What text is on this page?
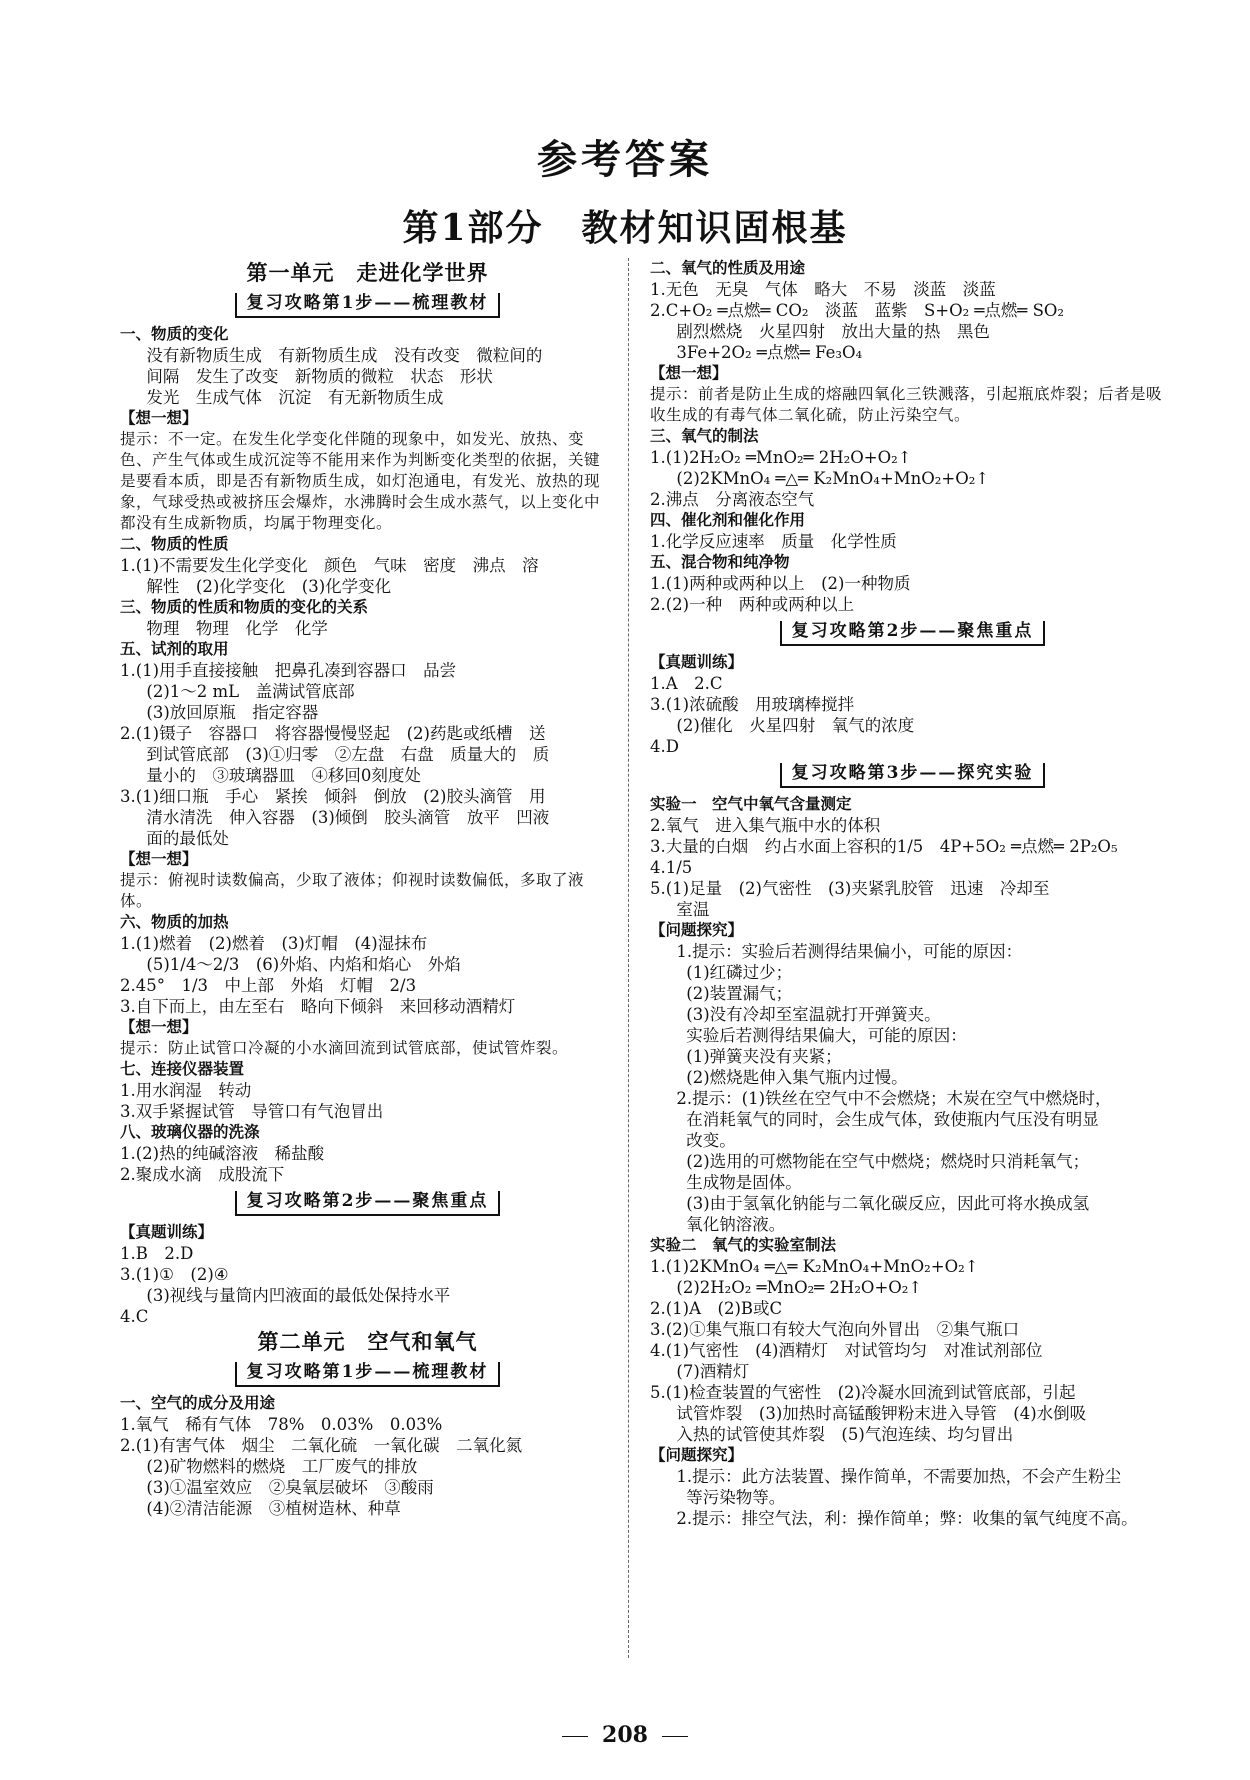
参考答案
第1部分　教材知识固根基
第一单元　走进化学世界
复习攻略第1步——梳理教材
一、物质的变化
没有新物质生成　有新物质生成　没有改变　微粒间的
间隔　发生了改变　新物质的微粒　状态　形状
发光　生成气体　沉淀　有无新物质生成
【想一想】
提示：不一定。在发生化学变化伴随的现象中，如发光、放热、变色、产生气体或生成沉淀等不能用来作为判断变化类型的依据，关键是要看本质，即是否有新物质生成，如灯泡通电，有发光、放热的现象，气球受热或被挤压会爆炸，水沸腾时会生成水蒸气，以上变化中都没有生成新物质，均属于物理变化。
二、物质的性质
1.(1)不需要发生化学变化　颜色　气味　密度　沸点　溶
解性　(2)化学变化　(3)化学变化
三、物质的性质和物质的变化的关系
物理　物理　化学　化学
五、试剂的取用
1.(1)用手直接接触　把鼻孔凑到容器口　品尝
(2)1～2 mL　盖满试管底部
(3)放回原瓶　指定容器
2.(1)镊子　容器口　将容器慢慢竖起　(2)药匙或纸槽　送
到试管底部　(3)①归零　②左盘　右盘　质量大的　质
量小的　③玻璃器皿　④移回0刻度处
3.(1)细口瓶　手心　紧挨　倾斜　倒放　(2)胶头滴管　用
清水清洗　伸入容器　(3)倾倒　胶头滴管　放平　凹液
面的最低处
【想一想】
提示：俯视时读数偏高，少取了液体；仰视时读数偏低，多取了液体。
六、物质的加热
1.(1)燃着　(2)燃着　(3)灯帽　(4)湿抹布
(5)1/4～2/3　(6)外焰、内焰和焰心　外焰
2.45°　1/3　中上部　外焰　灯帽　2/3
3.自下而上，由左至右　略向下倾斜　来回移动酒精灯
【想一想】
提示：防止试管口冷凝的小水滴回流到试管底部，使试管炸裂。
七、连接仪器装置
1.用水润湿　转动
3.双手紧握试管　导管口有气泡冒出
八、玻璃仪器的洗涤
1.(2)热的纯碱溶液　稀盐酸
2.聚成水滴　成股流下
复习攻略第2步——聚焦重点
【真题训练】
1.B　2.D
3.(1)①　(2)④
(3)视线与量筒内凹液面的最低处保持水平
4.C
第二单元　空气和氧气
复习攻略第1步——梳理教材
一、空气的成分及用途
1.氧气　稀有气体　78%　0.03%　0.03%
2.(1)有害气体　烟尘　二氧化硫　一氧化碳　二氧化氮
(2)矿物燃料的燃烧　工厂废气的排放
(3)①温室效应　②臭氧层破坏　③酸雨
(4)②清洁能源　③植树造林、种草
二、氧气的性质及用途
1.无色　无臭　气体　略大　不易　淡蓝　淡蓝
2.C+O₂ ═点燃═ CO₂　淡蓝　蓝紫　S+O₂ ═点燃═ SO₂
剧烈燃烧　火星四射　放出大量的热　黑色
3Fe+2O₂ ═点燃═ Fe₃O₄
【想一想】
提示：前者是防止生成的熔融四氧化三铁溅落，引起瓶底炸裂；后者是吸收生成的有毒气体二氧化硫，防止污染空气。
三、氧气的制法
1.(1)2H₂O₂ ═MnO₂═ 2H₂O+O₂↑
(2)2KMnO₄ ═△═ K₂MnO₄+MnO₂+O₂↑
2.沸点　分离液态空气
四、催化剂和催化作用
1.化学反应速率　质量　化学性质
五、混合物和纯净物
1.(1)两种或两种以上　(2)一种物质
2.(2)一种　两种或两种以上
复习攻略第2步——聚焦重点
【真题训练】
1.A　2.C
3.(1)浓硫酸　用玻璃棒搅拌
(2)催化　火星四射　氧气的浓度
4.D
复习攻略第3步——探究实验
实验一　空气中氧气含量测定
2.氧气　进入集气瓶中水的体积
3.大量的白烟　约占水面上容积的1/5　4P+5O₂ ═点燃═ 2P₂O₅
4.1/5
5.(1)足量　(2)气密性　(3)夹紧乳胶管　迅速　冷却至
室温
【问题探究】
1.提示：实验后若测得结果偏小，可能的原因：
(1)红磷过少；
(2)装置漏气；
(3)没有冷却至室温就打开弹簧夹。
实验后若测得结果偏大，可能的原因：
(1)弹簧夹没有夹紧；
(2)燃烧匙伸入集气瓶内过慢。
2.提示：(1)铁丝在空气中不会燃烧；木炭在空气中燃烧时，
在消耗氧气的同时，会生成气体，致使瓶内气压没有明显
改变。
(2)选用的可燃物能在空气中燃烧；燃烧时只消耗氧气；
生成物是固体。
(3)由于氢氧化钠能与二氧化碳反应，因此可将水换成氢
氧化钠溶液。
实验二　氧气的实验室制法
1.(1)2KMnO₄ ═△═ K₂MnO₄+MnO₂+O₂↑
(2)2H₂O₂ ═MnO₂═ 2H₂O+O₂↑
2.(1)A　(2)B或C
3.(2)①集气瓶口有较大气泡向外冒出　②集气瓶口
4.(1)气密性　(4)酒精灯　对试管均匀　对准试剂部位
(7)酒精灯
5.(1)检查装置的气密性　(2)冷凝水回流到试管底部，引起
试管炸裂　(3)加热时高锰酸钾粉末进入导管　(4)水倒吸
入热的试管使其炸裂　(5)气泡连续、均匀冒出
【问题探究】
1.提示：此方法装置、操作简单，不需要加热，不会产生粉尘
等污染物等。
2.提示：排空气法，利：操作简单；弊：收集的氧气纯度不高。
208
